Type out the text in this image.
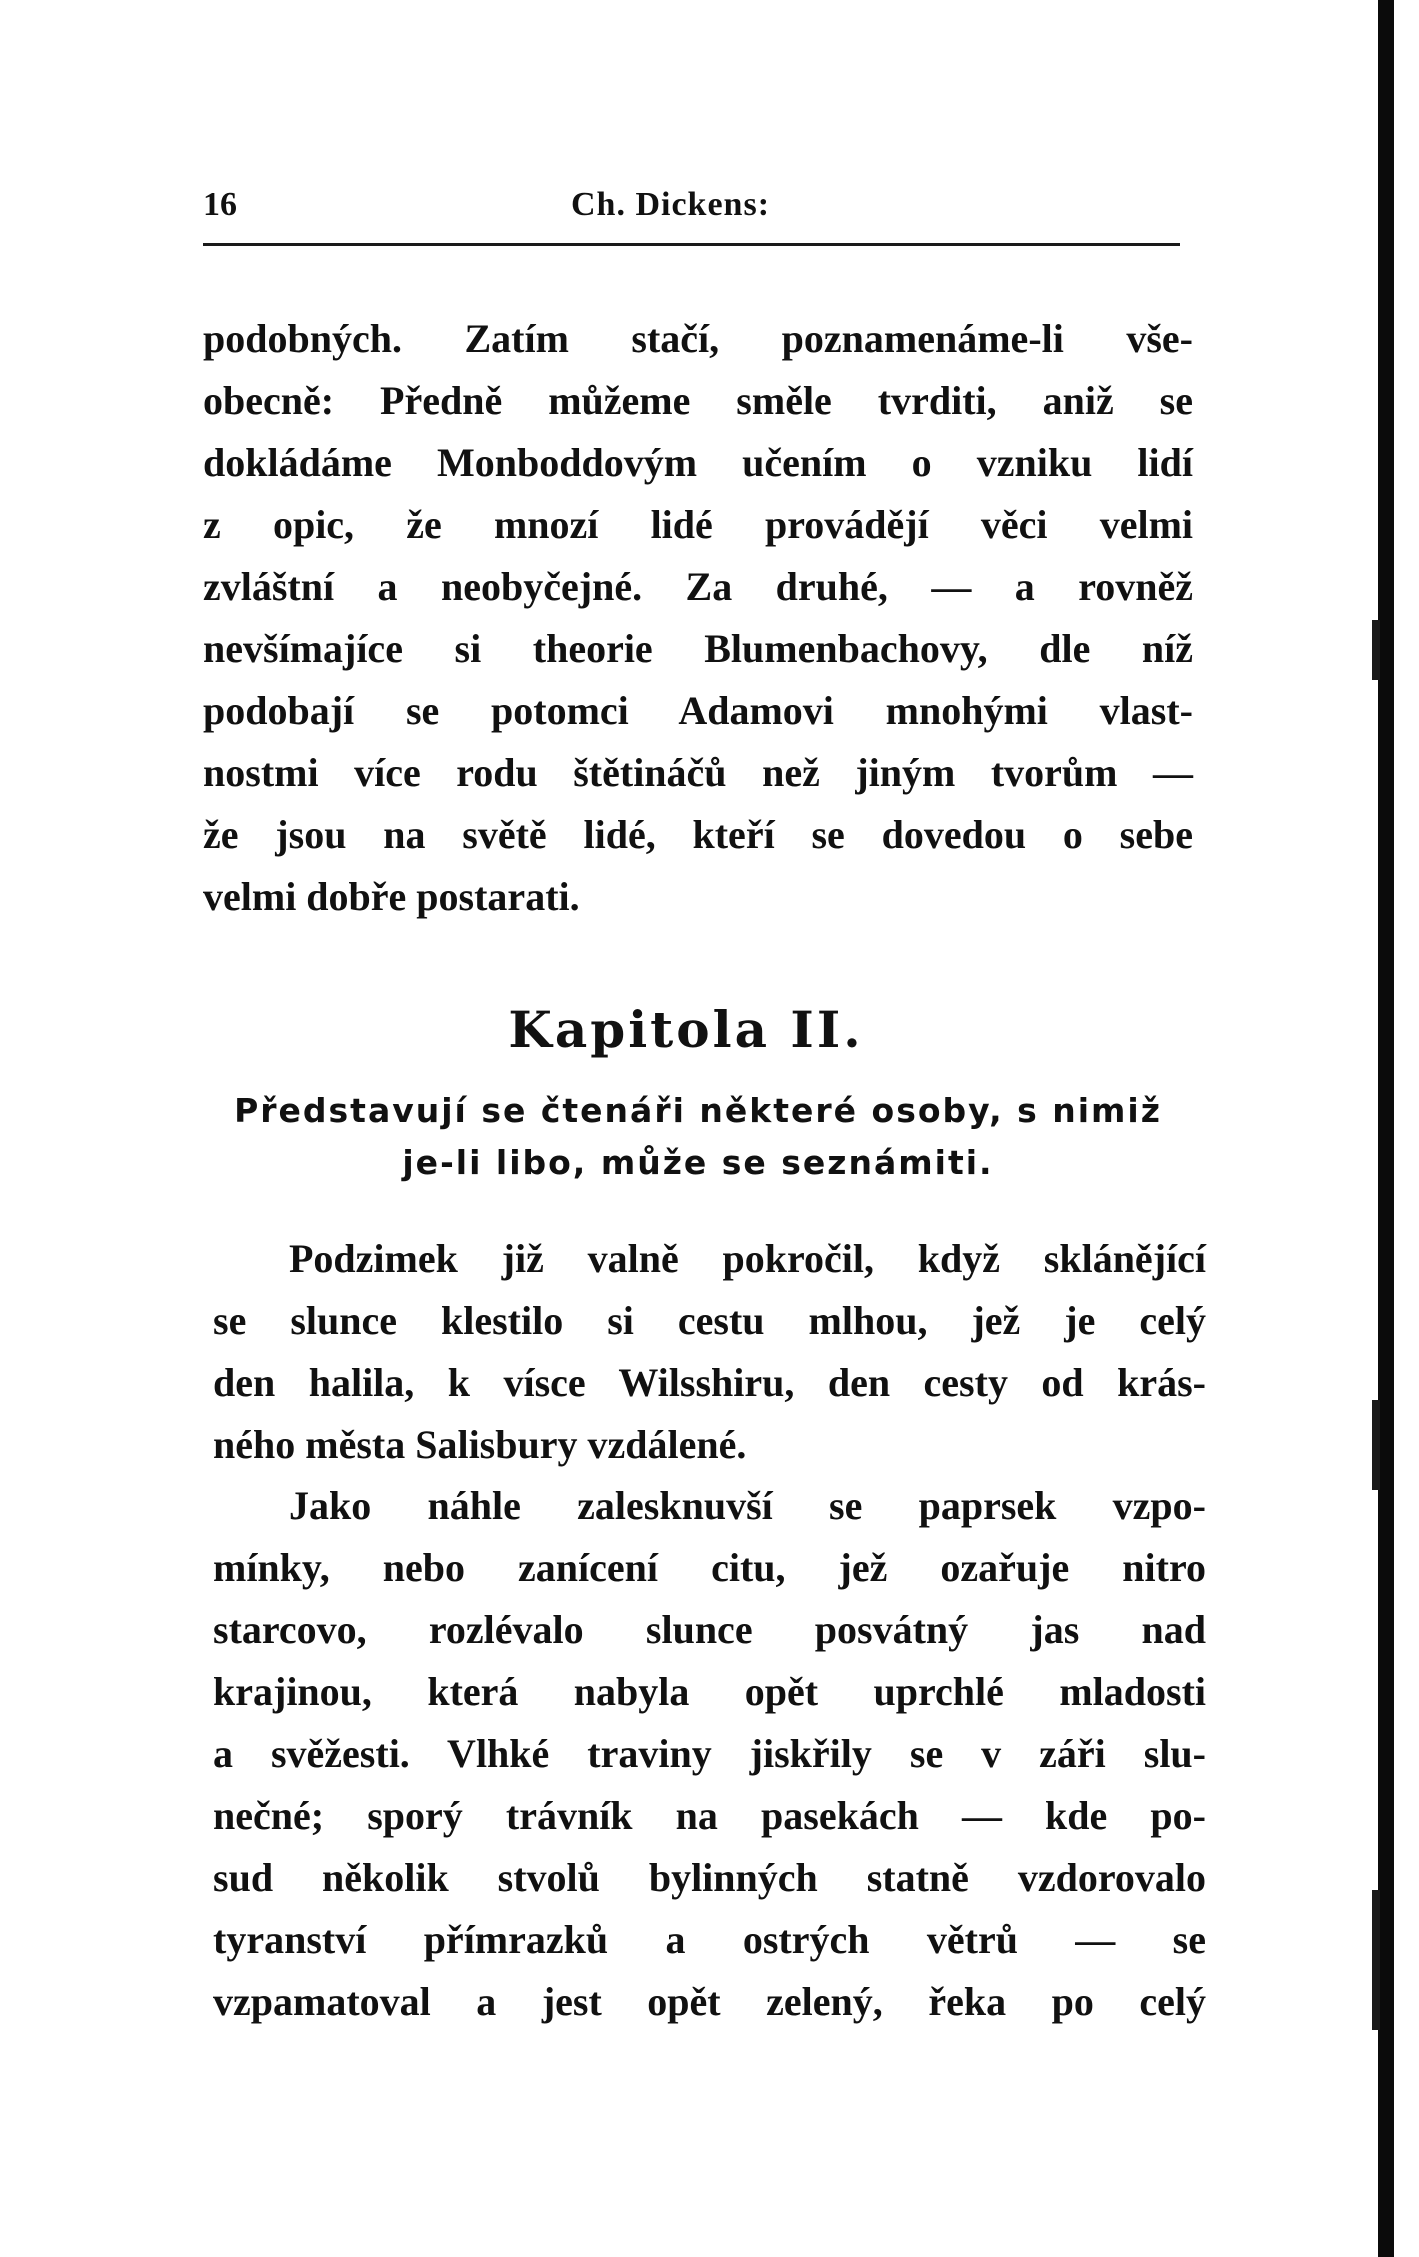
16	Ch. Dickens:
podobných. Zatím stačí, poznamenáme-li vše-
obecně: Předně můžeme směle tvrditi, aniž se
dokládáme Monboddovým učením o vzniku lidí
z opic, že mnozí lidé provádějí věci velmi
zvláštní a neobyčejné. Za druhé, — a rovněž
nevšímajíce si theorie Blumenbachovy, dle níž
podobají se potomci Adamovi mnohými vlast-
nostmi více rodu štětináčů než jiným tvorům —
že jsou na světě lidé, kteří se dovedou o sebe
velmi dobře postarati.
Kapitola II.
Představují se čtenáři některé osoby, s nimiž
je-li libo, může se seznámiti.
Podzimek již valně pokročil, když sklánějící
se slunce klestilo si cestu mlhou, jež je celý
den halila, k vísce Wilsshiru, den cesty od krás-
ného města Salisbury vzdálené.
Jako náhle zalesknuvší se paprsek vzpo-
mínky, nebo zanícení citu, jež ozařuje nitro
starcovo, rozlévalo slunce posvátný jas nad
krajinou, která nabyla opět uprchlé mladosti
a svěžesti. Vlhké traviny jiskřily se v záři slu-
nečné; sporý trávník na pasekách — kde po-
sud několik stvolů bylinných statně vzdorovalo
tyranství přímrazků a ostrých větrů — se
vzpamatoval a jest opět zelený, řeka po celý
